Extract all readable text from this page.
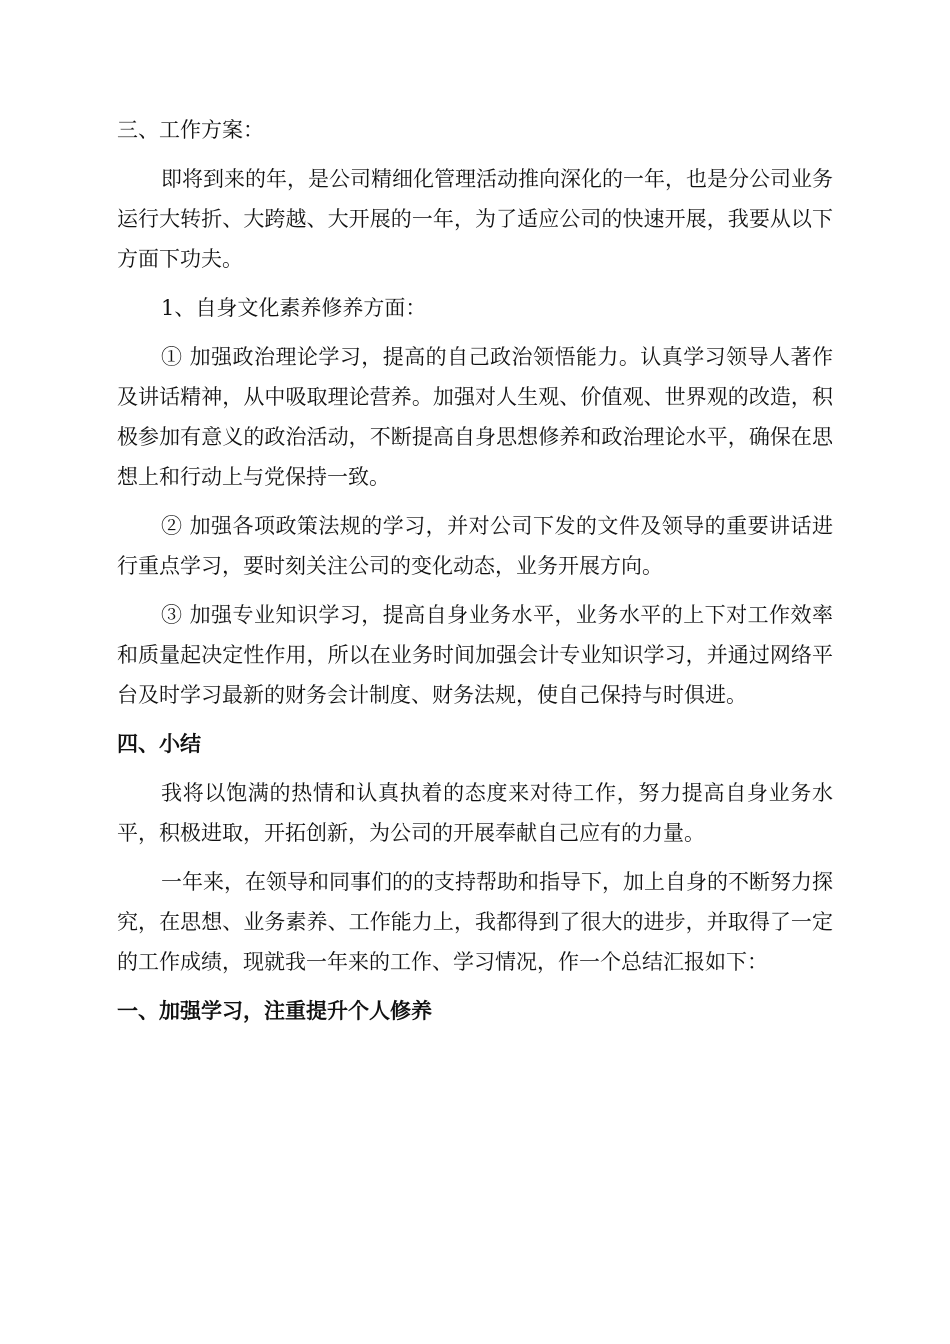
三、工作方案：

即将到来的年，是公司精细化管理活动推向深化的一年，也是分公司业务运行大转折、大跨越、大开展的一年，为了适应公司的快速开展，我要从以下方面下功夫。

1、自身文化素养修养方面：

① 加强政治理论学习，提高的自己政治领悟能力。认真学习领导人著作及讲话精神，从中吸取理论营养。加强对人生观、价值观、世界观的改造，积极参加有意义的政治活动，不断提高自身思想修养和政治理论水平，确保在思想上和行动上与党保持一致。

② 加强各项政策法规的学习，并对公司下发的文件及领导的重要讲话进行重点学习，要时刻关注公司的变化动态，业务开展方向。

③ 加强专业知识学习，提高自身业务水平，业务水平的上下对工作效率和质量起决定性作用，所以在业务时间加强会计专业知识学习，并通过网络平台及时学习最新的财务会计制度、财务法规，使自己保持与时俱进。

四、小结

我将以饱满的热情和认真执着的态度来对待工作，努力提高自身业务水平，积极进取，开拓创新，为公司的开展奉献自己应有的力量。

一年来，在领导和同事们的的支持帮助和指导下，加上自身的不断努力探究，在思想、业务素养、工作能力上，我都得到了很大的进步，并取得了一定的工作成绩，现就我一年来的工作、学习情况，作一个总结汇报如下：

一、加强学习，注重提升个人修养
